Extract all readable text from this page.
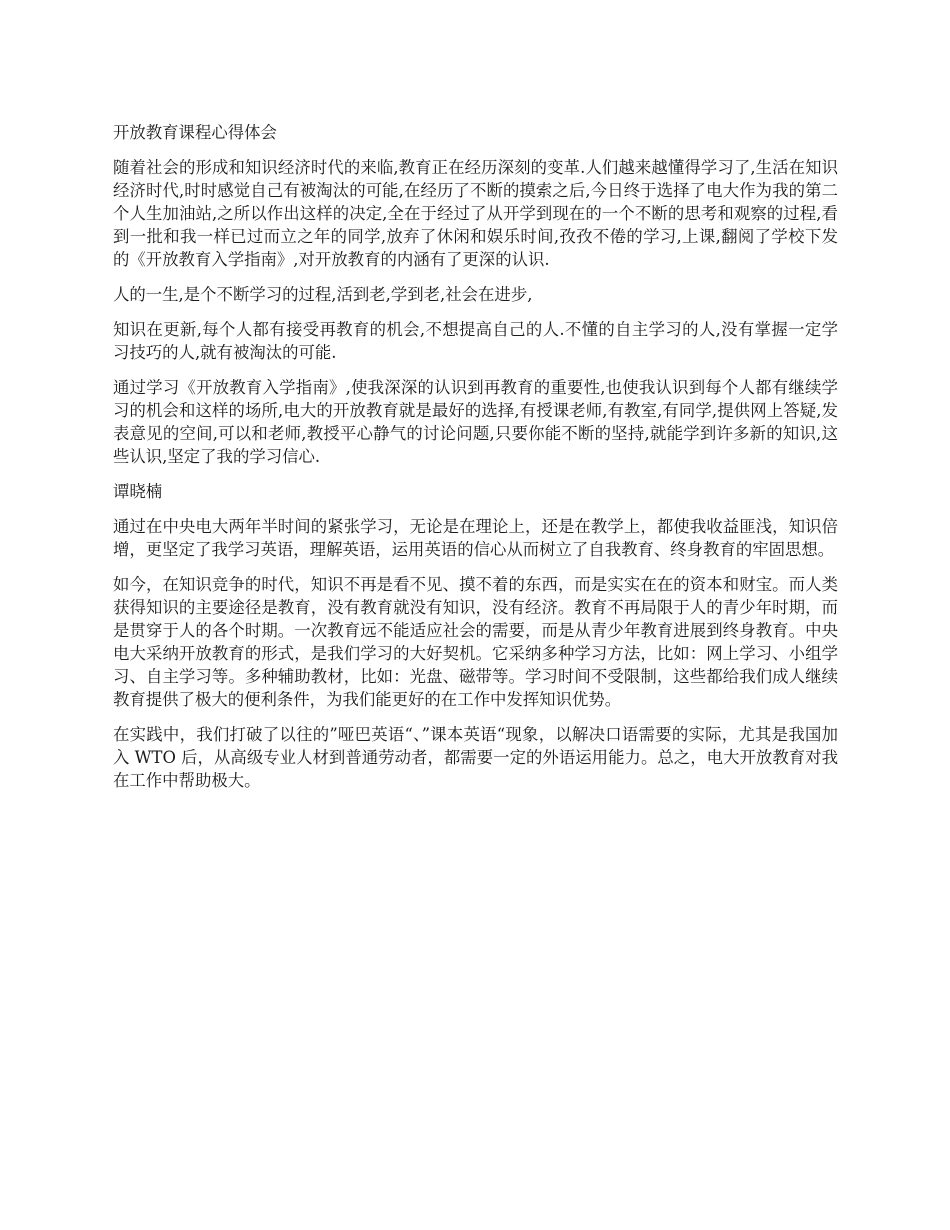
开放教育课程心得体会

随着社会的形成和知识经济时代的来临,教育正在经历深刻的变革.人们越来越懂得学习了,生活在知识经济时代,时时感觉自己有被淘汰的可能,在经历了不断的摸索之后,今日终于选择了电大作为我的第二个人生加油站,之所以作出这样的决定,全在于经过了从开学到现在的一个不断的思考和观察的过程,看到一批和我一样已过而立之年的同学,放弃了休闲和娱乐时间,孜孜不倦的学习,上课,翻阅了学校下发的《开放教育入学指南》,对开放教育的内涵有了更深的认识.

人的一生,是个不断学习的过程,活到老,学到老,社会在进步,

知识在更新,每个人都有接受再教育的机会,不想提高自己的人.不懂的自主学习的人,没有掌握一定学习技巧的人,就有被淘汰的可能.

通过学习《开放教育入学指南》,使我深深的认识到再教育的重要性,也使我认识到每个人都有继续学习的机会和这样的场所,电大的开放教育就是最好的选择,有授课老师,有教室,有同学,提供网上答疑,发表意见的空间,可以和老师,教授平心静气的讨论问题,只要你能不断的坚持,就能学到许多新的知识,这些认识,坚定了我的学习信心.

谭晓楠

通过在中央电大两年半时间的紧张学习，无论是在理论上，还是在教学上，都使我收益匪浅，知识倍增，更坚定了我学习英语，理解英语，运用英语的信心从而树立了自我教育、终身教育的牢固思想。

如今，在知识竞争的时代，知识不再是看不见、摸不着的东西，而是实实在在的资本和财宝。而人类获得知识的主要途径是教育，没有教育就没有知识，没有经济。教育不再局限于人的青少年时期，而是贯穿于人的各个时期。一次教育远不能适应社会的需要，而是从青少年教育进展到终身教育。中央电大采纳开放教育的形式，是我们学习的大好契机。它采纳多种学习方法，比如：网上学习、小组学习、自主学习等。多种辅助教材，比如：光盘、磁带等。学习时间不受限制，这些都给我们成人继续教育提供了极大的便利条件，为我们能更好的在工作中发挥知识优势。

在实践中，我们打破了以往的”哑巴英语“、”课本英语“现象，以解决口语需要的实际，尤其是我国加入 WTO 后，从高级专业人材到普通劳动者，都需要一定的外语运用能力。总之，电大开放教育对我在工作中帮助极大。
